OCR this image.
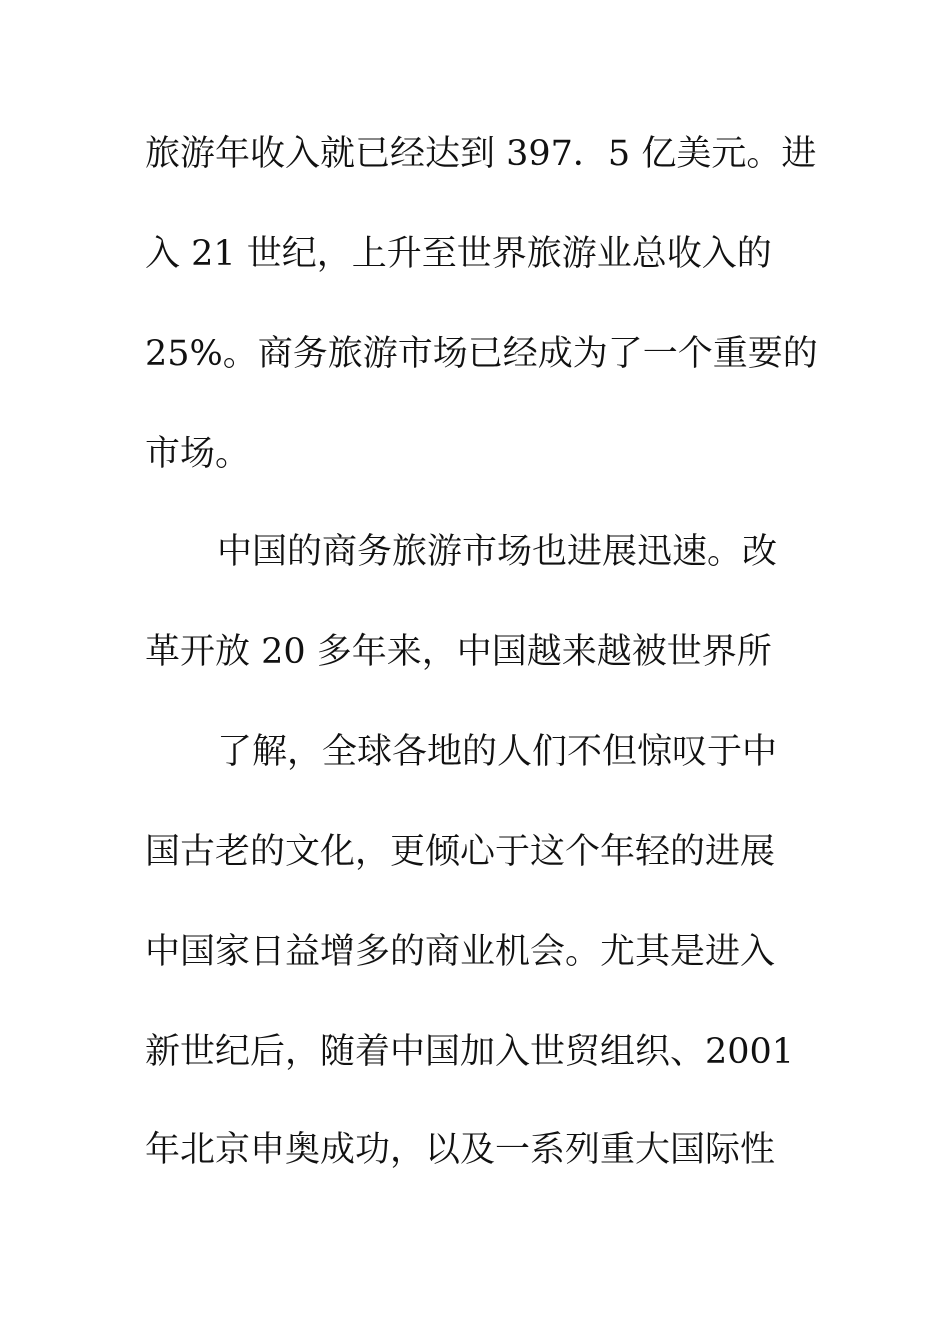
旅游年收入就已经达到 397．5 亿美元。进
入 21 世纪，上升至世界旅游业总收入的
25%。商务旅游市场已经成为了一个重要的
市场。
中国的商务旅游市场也进展迅速。改
革开放 20 多年来，中国越来越被世界所
了解，全球各地的人们不但惊叹于中
国古老的文化，更倾心于这个年轻的进展
中国家日益增多的商业机会。尤其是进入
新世纪后，随着中国加入世贸组织、2001
年北京申奥成功，以及一系列重大国际性
